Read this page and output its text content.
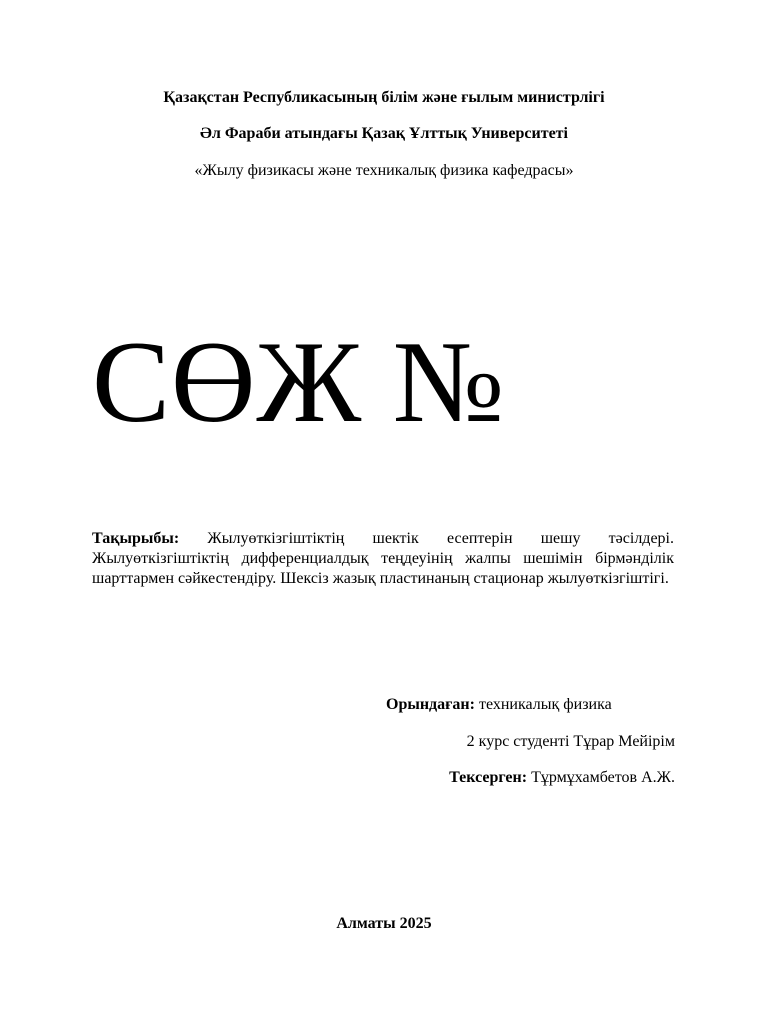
Қазақстан Республикасының білім және ғылым министрлігі
Әл Фараби атындағы Қазақ Ұлттық Университеті
«Жылу физикасы және техникалық физика кафедрасы»
СӨЖ №
Тақырыбы: Жылуөткізгіштіктің шектік есептерін шешу тәсілдері. Жылуөткізгіштіктің дифференциалдық теңдеуінің жалпы шешімін бірмәнділік шарттармен сәйкестендіру. Шексіз жазық пластинаның стационар жылуөткізгіштігі.
Орындаған: техникалық физика
2 курс студенті Тұрар Мейірім
Тексерген: Тұрмұхамбетов А.Ж.
Алматы 2025
